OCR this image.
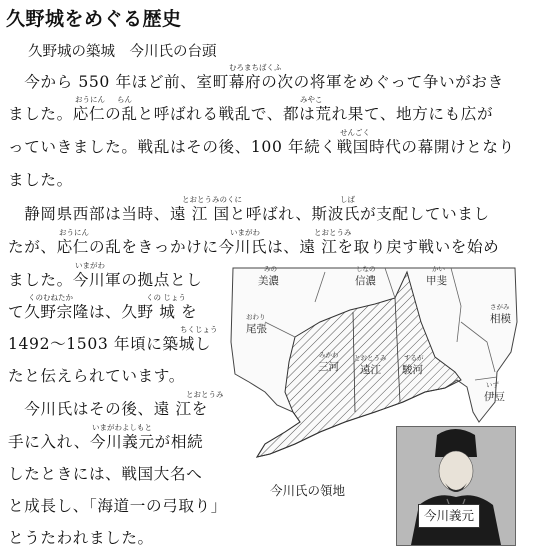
久野城をめぐる歴史
久野城の築城　今川氏の台頭
　今から 550 年ほど前、室町幕府の次の将軍をめぐって争いがおき
ました。応仁の乱と呼ばれる戦乱で、都は荒れ果て、地方にも広が
っていきました。戦乱はその後、100 年続く戦国時代の幕開けとなり
ました。
　静岡県西部は当時、遠 江 国と呼ばれ、斯波氏が支配していまし
たが、応仁の乱をきっかけに今川氏は、遠 江を取り戻す戦いを始め
ました。今川軍の拠点とし
て久野宗隆は、久野 城 を
1492～1503 年頃に築城し
たと伝えられています。
　今川氏はその後、遠 江を
手に入れ、今川義元が相続
したときには、戦国大名へ
と成長し、「海道一の弓取り」
とうたわれました。
むろまちばくふ
おうにん らん	みやこ
せんごく
とおとうみのくに	しば
おうにん	いまがわ	とおとうみ
いまがわ
くのむねたか	くの じょう
ちくじょう
とおとうみ
いまがわよしもと
みの
美濃
しなの
信濃
かい
甲斐
おわり
尾張
さがみ
相模
みかわ
三河
とおとうみ
遠江
するが
駿河
いず
伊豆
今川氏の領地
今川義元
